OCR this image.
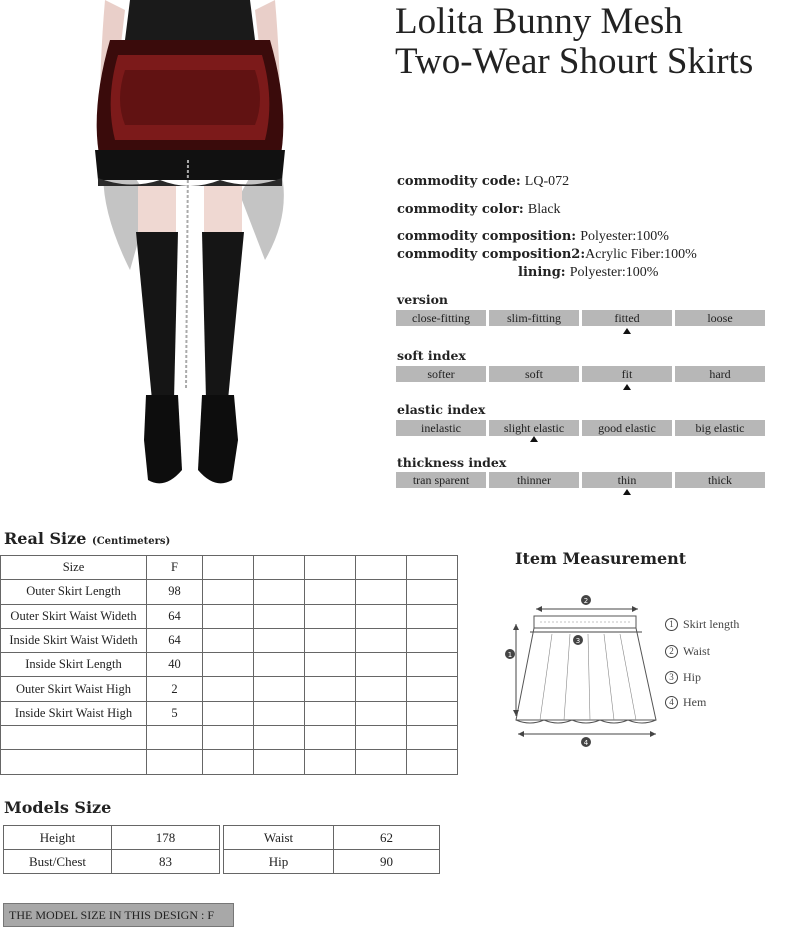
Lolita Bunny Mesh
Two-Wear Shourt Skirts
commodity code: LQ-072
commodity color: Black
commodity composition: Polyester:100%
commodity composition2:Acrylic Fiber:100%
lining: Polyester:100%
version
close-fitting	slim-fitting	fitted	loose
soft index
softer	soft	fit	hard
elastic index
inelastic	slight elastic	good elastic	big elastic
thickness index
tran sparent	thinner	thin	thick
Real Size (Centimeters)
Size	F					
Outer Skirt Length	98					
Outer Skirt Waist Wideth	64					
Inside Skirt Waist Wideth	64					
Inside Skirt Length	40					
Outer Skirt Waist High	2					
Inside Skirt Waist High	5					

Item Measurement
2
3
1
4
1 Skirt length
2 Waist
3 Hip
4 Hem
Models Size
Height	178		Waist	62
Bust/Chest	83		Hip	90
THE MODEL SIZE IN THIS DESIGN : F
